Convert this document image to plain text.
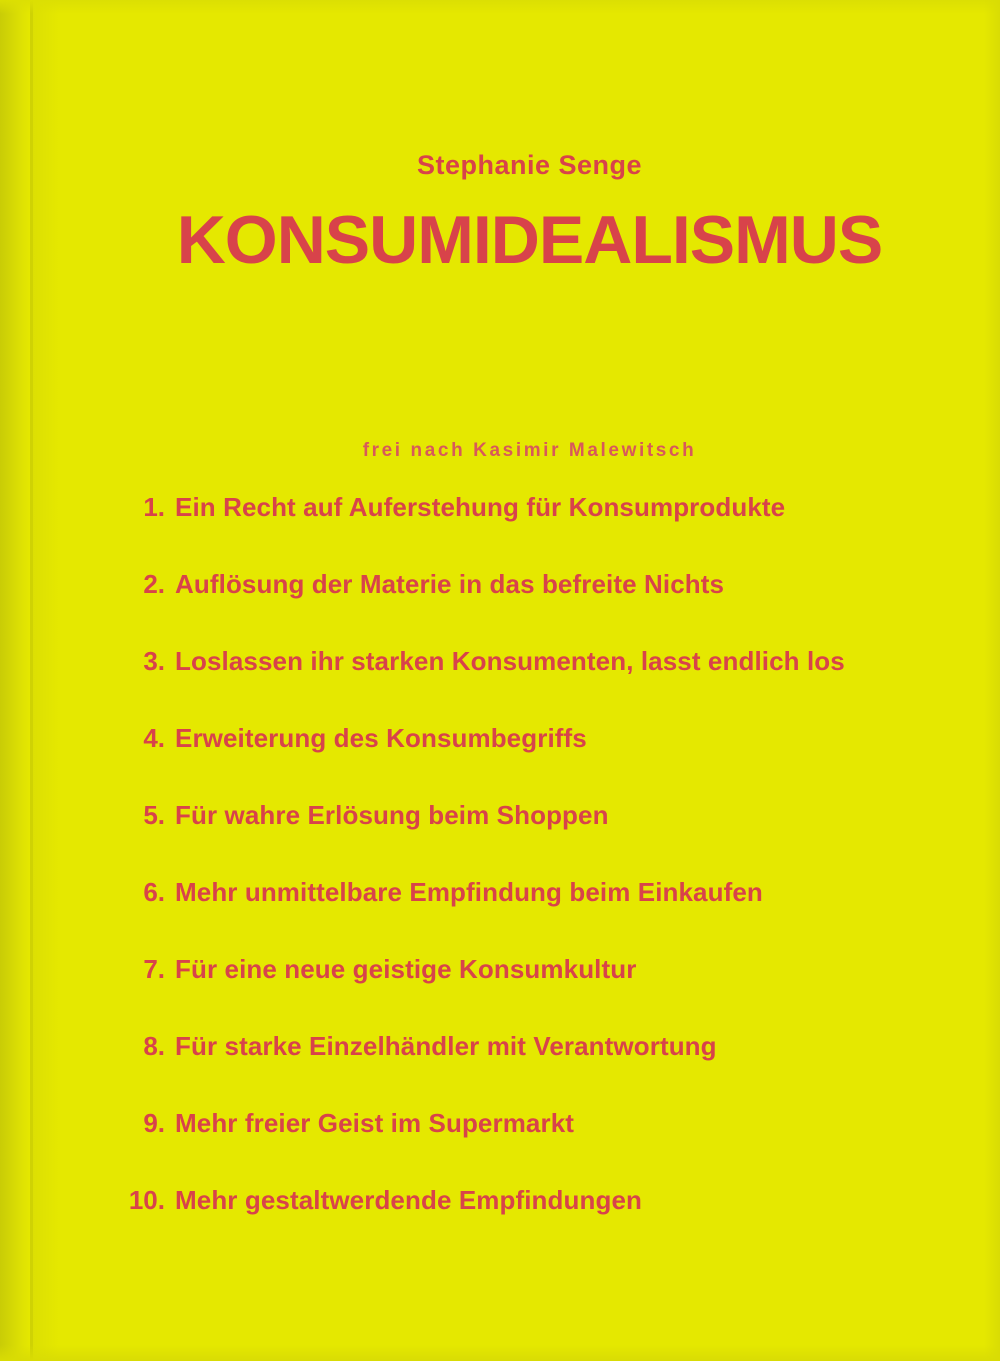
Stephanie Senge
KONSUMIDEALISMUS
frei nach Kasimir Malewitsch
1. Ein Recht auf Auferstehung für Konsumprodukte
2. Auflösung der Materie in das befreite Nichts
3. Loslassen ihr starken Konsumenten, lasst endlich los
4. Erweiterung des Konsumbegriffs
5. Für wahre Erlösung beim Shoppen
6. Mehr unmittelbare Empfindung beim Einkaufen
7. Für eine neue geistige Konsumkultur
8. Für starke Einzelhändler mit Verantwortung
9. Mehr freier Geist im Supermarkt
10. Mehr gestaltwerdende Empfindungen
